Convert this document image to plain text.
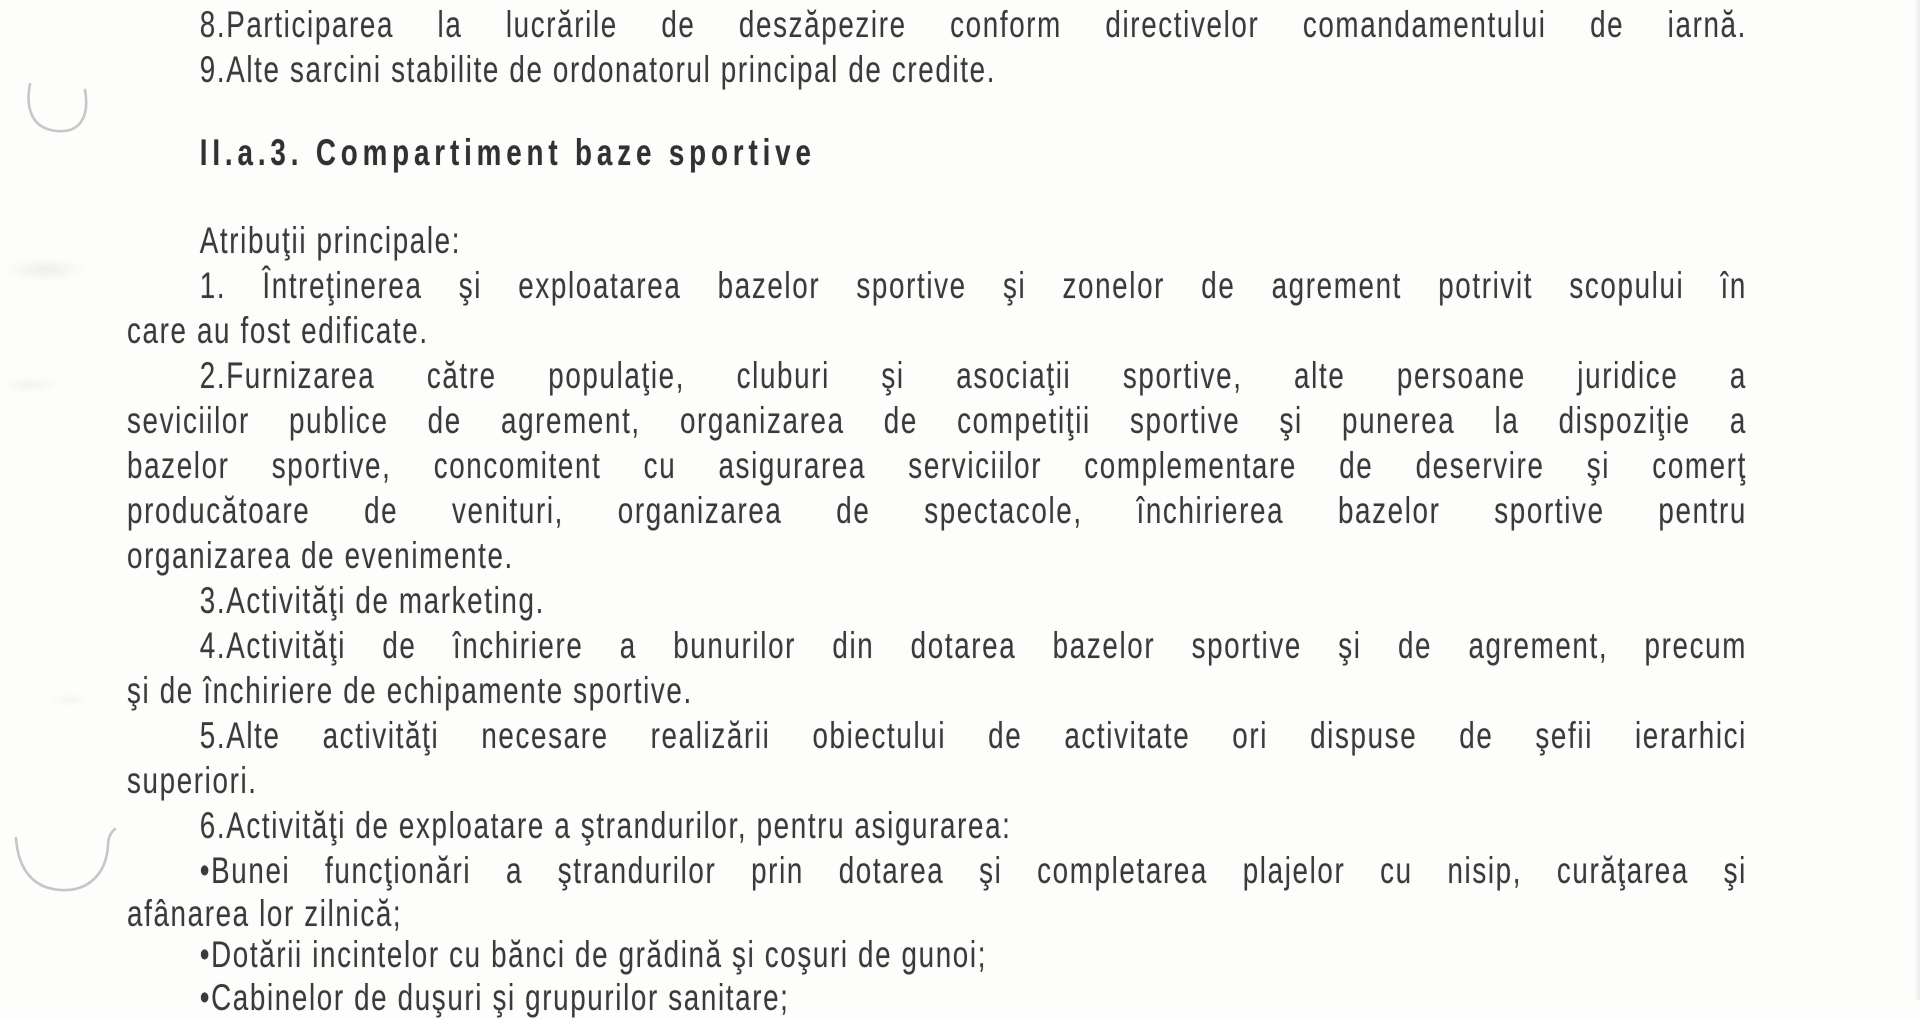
8.Participarea la lucrările de deszăpezire conform directivelor comandamentului de iarnă.
9.Alte sarcini stabilite de ordonatorul principal de credite.
II.a.3. Compartiment baze sportive
Atribuţii principale:
1. Întreţinerea şi exploatarea bazelor sportive şi zonelor de agrement potrivit scopului în
care au fost edificate.
2.Furnizarea către populaţie, cluburi şi asociaţii sportive, alte persoane juridice a
seviciilor publice de agrement, organizarea de competiţii sportive şi punerea la dispoziţie a
bazelor sportive, concomitent cu asigurarea serviciilor complementare de deservire şi comerţ
producătoare de venituri, organizarea de spectacole, închirierea bazelor sportive pentru
organizarea de evenimente.
3.Activităţi de marketing.
4.Activităţi de închiriere a bunurilor din dotarea bazelor sportive şi de agrement, precum
şi de închiriere de echipamente sportive.
5.Alte activităţi necesare realizării obiectului de activitate ori dispuse de şefii ierarhici
superiori.
6.Activităţi de exploatare a ştrandurilor, pentru asigurarea:
•Bunei funcţionări a ştrandurilor prin dotarea şi completarea plajelor cu nisip, curăţarea şi
afânarea lor zilnică;
•Dotării incintelor cu bănci de grădină şi coşuri de gunoi;
•Cabinelor de duşuri şi grupurilor sanitare;
